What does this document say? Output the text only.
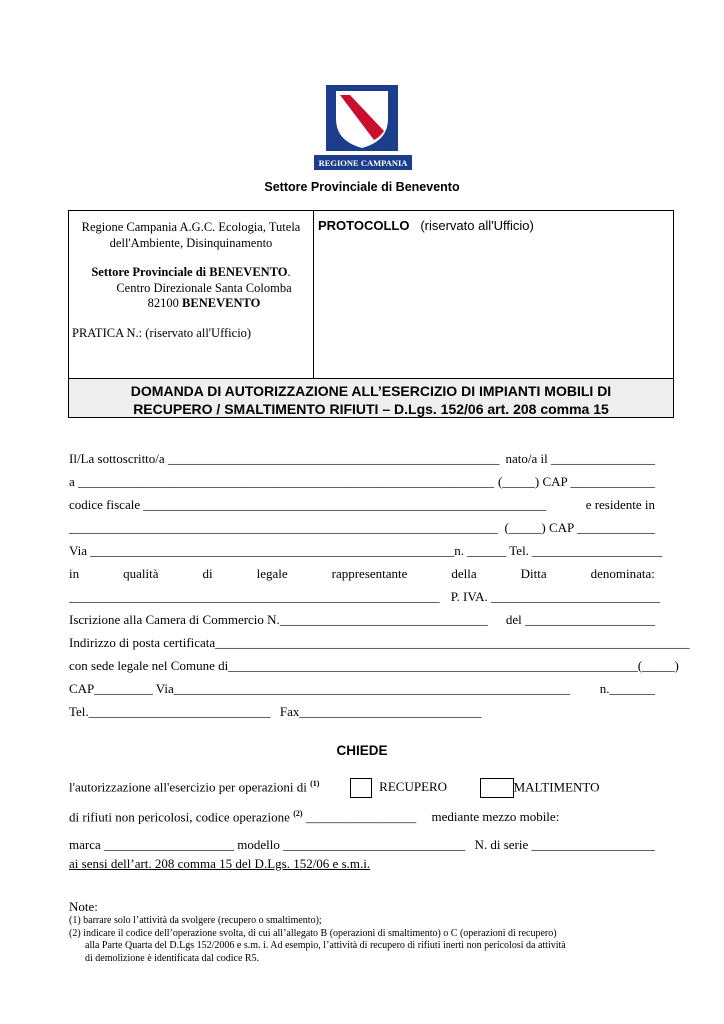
REGIONE CAMPANIA
Settore Provinciale di Benevento
Regione Campania A.G.C. Ecologia, Tutela
dell'Ambiente, Disinquinamento
Settore Provinciale di BENEVENTO.
Centro Direzionale Santa Colomba
82100 BENEVENTO
PRATICA N.: (riservato all'Ufficio)
PROTOCOLLO (riservato all'Ufficio)
DOMANDA DI AUTORIZZAZIONE ALL’ESERCIZIO DI IMPIANTI MOBILI DI
RECUPERO / SMALTIMENTO RIFIUTI – D.Lgs. 152/06 art. 208 comma 15
Il/La sottoscritto/a ___________________________________________________ nato/a il ________________
a ________________________________________________________________ (_____) CAP _____________
codice fiscale ______________________________________________________________	e residente in
__________________________________________________________________ (_____) CAP ____________
Via ________________________________________________________ n. ______ Tel. ____________________
in	qualità	di	legale	rappresentante	della	Ditta	denominata:
_________________________________________________________ P. IVA. __________________________
Iscrizione alla Camera di Commercio N.________________________________ del ____________________
Indirizzo di posta certificata_________________________________________________________________________
con sede legale nel Comune di_______________________________________________________________ (_____)
CAP_________ Via_____________________________________________________________ n._______
Tel.____________________________ Fax____________________________
CHIEDE
l'autorizzazione all'esercizio per operazioni di $^{(1)}$	RECUPERO	MALTIMENTO
di rifiuti non pericolosi, codice operazione $^{(2)}$ _________________ mediante mezzo mobile:
marca ____________________ modello ____________________________ N. di serie ___________________
ai sensi dell’art. 208 comma 15 del D.Lgs. 152/06 e s.m.i.
Note:
(1) barrare solo l’attività da svolgere (recupero o smaltimento);
(2) indicare il codice dell’operazione svolta, di cui all’allegato B (operazioni di smaltimento) o C (operazioni di recupero)
alla Parte Quarta del D.Lgs 152/2006 e s.m. i. Ad esempio, l’attività di recupero di rifiuti inerti non pericolosi da attività
di demolizione è identificata dal codice R5.
